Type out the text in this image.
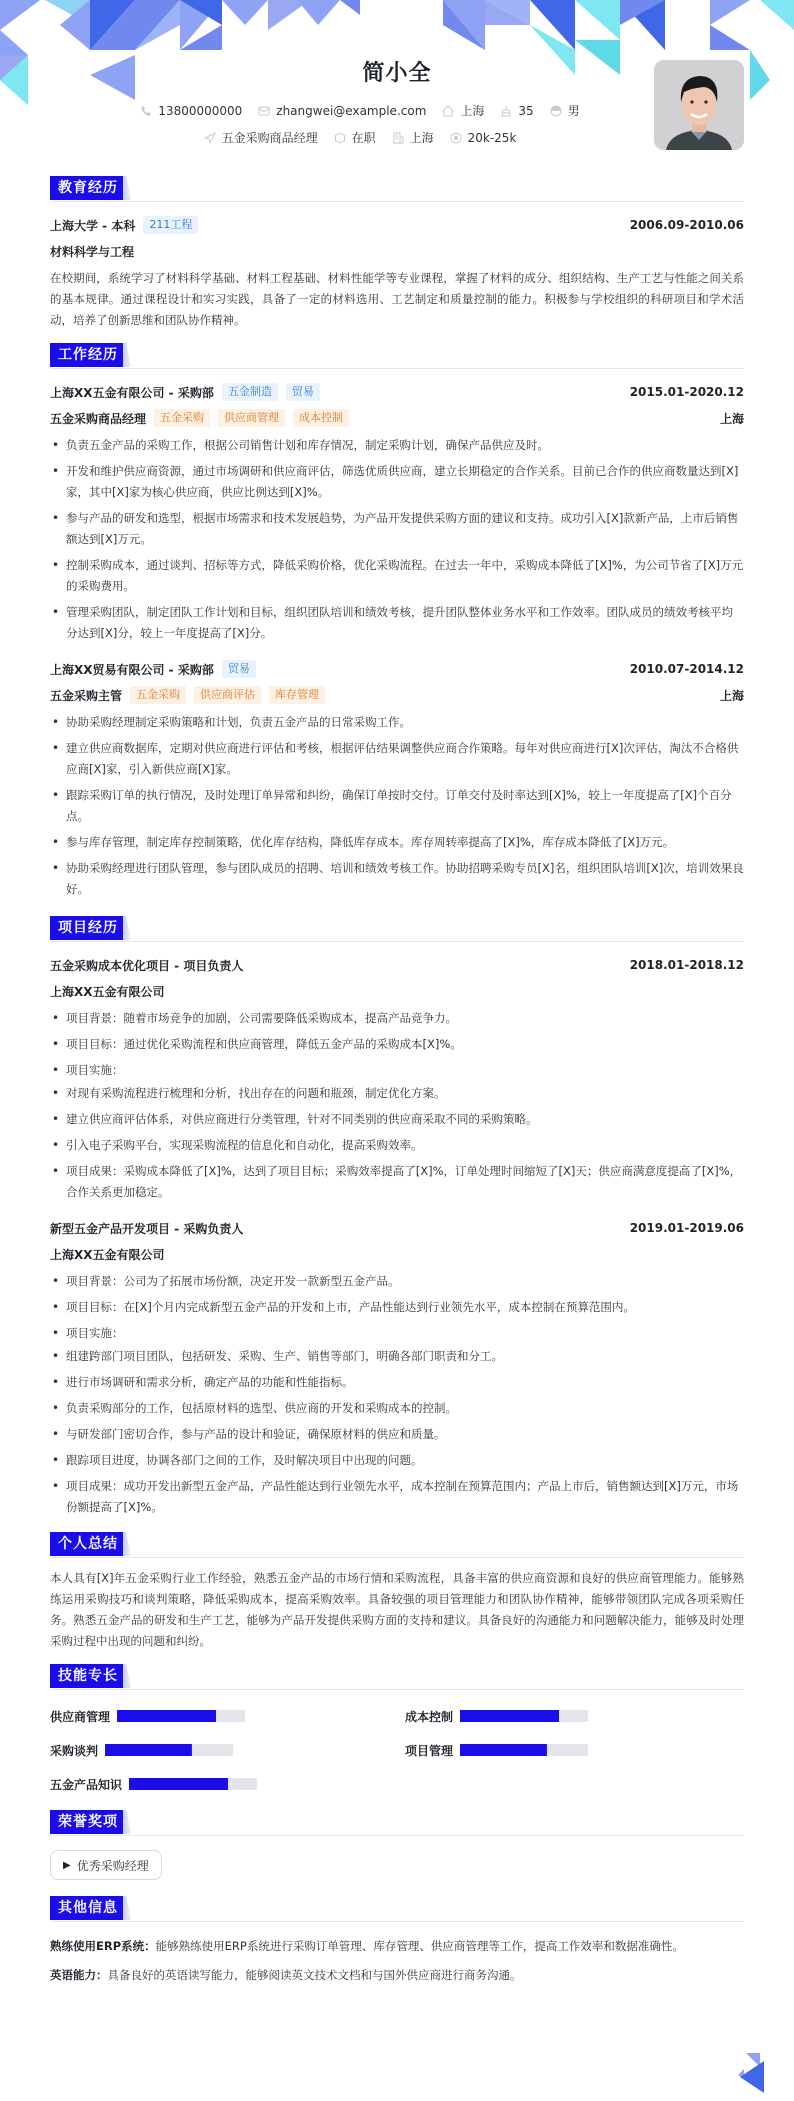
简小全
13800000000	zhangwei@example.com	上海	35	男
五金采购商品经理	在职	上海	20k-25k
教育经历
上海大学 - 本科	211工程	2006.09-2010.06
材料科学与工程
在校期间，系统学习了材料科学基础、材料工程基础、材料性能学等专业课程，掌握了材料的成分、组织结构、生产工艺与性能之间关系的基本规律。通过课程设计和实习实践，具备了一定的材料选用、工艺制定和质量控制的能力。积极参与学校组织的科研项目和学术活动，培养了创新思维和团队协作精神。
工作经历
上海XX五金有限公司 - 采购部	五金制造	贸易	2015.01-2020.12
五金采购商品经理	五金采购	供应商管理	成本控制	上海
• 负责五金产品的采购工作，根据公司销售计划和库存情况，制定采购计划，确保产品供应及时。
• 开发和维护供应商资源，通过市场调研和供应商评估，筛选优质供应商，建立长期稳定的合作关系。目前已合作的供应商数量达到[X]家，其中[X]家为核心供应商，供应比例达到[X]%。
• 参与产品的研发和选型，根据市场需求和技术发展趋势，为产品开发提供采购方面的建议和支持。成功引入[X]款新产品，上市后销售额达到[X]万元。
• 控制采购成本，通过谈判、招标等方式，降低采购价格，优化采购流程。在过去一年中，采购成本降低了[X]%，为公司节省了[X]万元的采购费用。
• 管理采购团队，制定团队工作计划和目标，组织团队培训和绩效考核，提升团队整体业务水平和工作效率。团队成员的绩效考核平均分达到[X]分，较上一年度提高了[X]分。
上海XX贸易有限公司 - 采购部	贸易	2010.07-2014.12
五金采购主管	五金采购	供应商评估	库存管理	上海
• 协助采购经理制定采购策略和计划，负责五金产品的日常采购工作。
• 建立供应商数据库，定期对供应商进行评估和考核，根据评估结果调整供应商合作策略。每年对供应商进行[X]次评估，淘汰不合格供应商[X]家，引入新供应商[X]家。
• 跟踪采购订单的执行情况，及时处理订单异常和纠纷，确保订单按时交付。订单交付及时率达到[X]%，较上一年度提高了[X]个百分点。
• 参与库存管理，制定库存控制策略，优化库存结构，降低库存成本。库存周转率提高了[X]%，库存成本降低了[X]万元。
• 协助采购经理进行团队管理，参与团队成员的招聘、培训和绩效考核工作。协助招聘采购专员[X]名，组织团队培训[X]次，培训效果良好。
项目经历
五金采购成本优化项目 - 项目负责人	2018.01-2018.12
上海XX五金有限公司
• 项目背景：随着市场竞争的加剧，公司需要降低采购成本，提高产品竞争力。
• 项目目标：通过优化采购流程和供应商管理，降低五金产品的采购成本[X]%。
• 项目实施：
• 对现有采购流程进行梳理和分析，找出存在的问题和瓶颈，制定优化方案。
• 建立供应商评估体系，对供应商进行分类管理，针对不同类别的供应商采取不同的采购策略。
• 引入电子采购平台，实现采购流程的信息化和自动化，提高采购效率。
• 项目成果：采购成本降低了[X]%，达到了项目目标；采购效率提高了[X]%，订单处理时间缩短了[X]天；供应商满意度提高了[X]%，合作关系更加稳定。
新型五金产品开发项目 - 采购负责人	2019.01-2019.06
上海XX五金有限公司
• 项目背景：公司为了拓展市场份额，决定开发一款新型五金产品。
• 项目目标：在[X]个月内完成新型五金产品的开发和上市，产品性能达到行业领先水平，成本控制在预算范围内。
• 项目实施：
• 组建跨部门项目团队，包括研发、采购、生产、销售等部门，明确各部门职责和分工。
• 进行市场调研和需求分析，确定产品的功能和性能指标。
• 负责采购部分的工作，包括原材料的选型、供应商的开发和采购成本的控制。
• 与研发部门密切合作，参与产品的设计和验证，确保原材料的供应和质量。
• 跟踪项目进度，协调各部门之间的工作，及时解决项目中出现的问题。
• 项目成果：成功开发出新型五金产品，产品性能达到行业领先水平，成本控制在预算范围内；产品上市后，销售额达到[X]万元，市场份额提高了[X]%。
个人总结
本人具有[X]年五金采购行业工作经验，熟悉五金产品的市场行情和采购流程，具备丰富的供应商资源和良好的供应商管理能力。能够熟练运用采购技巧和谈判策略，降低采购成本，提高采购效率。具备较强的项目管理能力和团队协作精神，能够带领团队完成各项采购任务。熟悉五金产品的研发和生产工艺，能够为产品开发提供采购方面的支持和建议。具备良好的沟通能力和问题解决能力，能够及时处理采购过程中出现的问题和纠纷。
技能专长
供应商管理	成本控制
采购谈判	项目管理
五金产品知识
荣誉奖项
▶ 优秀采购经理
其他信息
熟练使用ERP系统：能够熟练使用ERP系统进行采购订单管理、库存管理、供应商管理等工作，提高工作效率和数据准确性。
英语能力：具备良好的英语读写能力，能够阅读英文技术文档和与国外供应商进行商务沟通。
